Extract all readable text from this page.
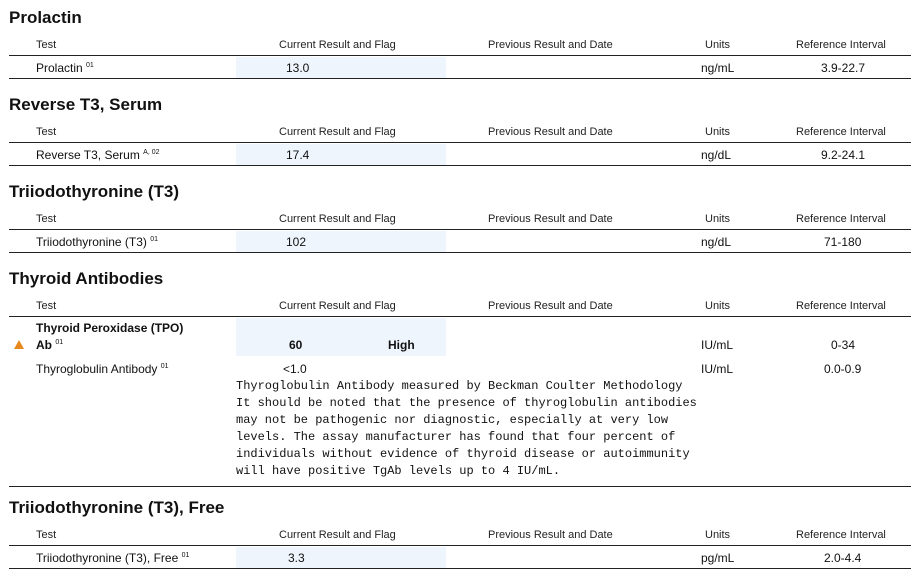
Prolactin
Test	Current Result and Flag	Previous Result and Date	Units	Reference Interval
Prolactin $^{01}$	13.0	ng/mL	3.9-22.7
Reverse T3, Serum
Test	Current Result and Flag	Previous Result and Date	Units	Reference Interval
Reverse T3, Serum $^{A, 02}$	17.4	ng/dL	9.2-24.1
Triiodothyronine (T3)
Test	Current Result and Flag	Previous Result and Date	Units	Reference Interval
Triiodothyronine (T3) $^{01}$	102	ng/dL	71-180
Thyroid Antibodies
Test	Current Result and Flag	Previous Result and Date	Units	Reference Interval
Thyroid Peroxidase (TPO)
Ab $^{01}$	60	High	IU/mL	0-34
Thyroglobulin Antibody $^{01}$	<1.0	IU/mL	0.0-0.9
Thyroglobulin Antibody measured by Beckman Coulter Methodology
It should be noted that the presence of thyroglobulin antibodies
may not be pathogenic nor diagnostic, especially at very low
levels. The assay manufacturer has found that four percent of
individuals without evidence of thyroid disease or autoimmunity
will have positive TgAb levels up to 4 IU/mL.
Triiodothyronine (T3), Free
Test	Current Result and Flag	Previous Result and Date	Units	Reference Interval
Triiodothyronine (T3), Free $^{01}$	3.3	pg/mL	2.0-4.4
